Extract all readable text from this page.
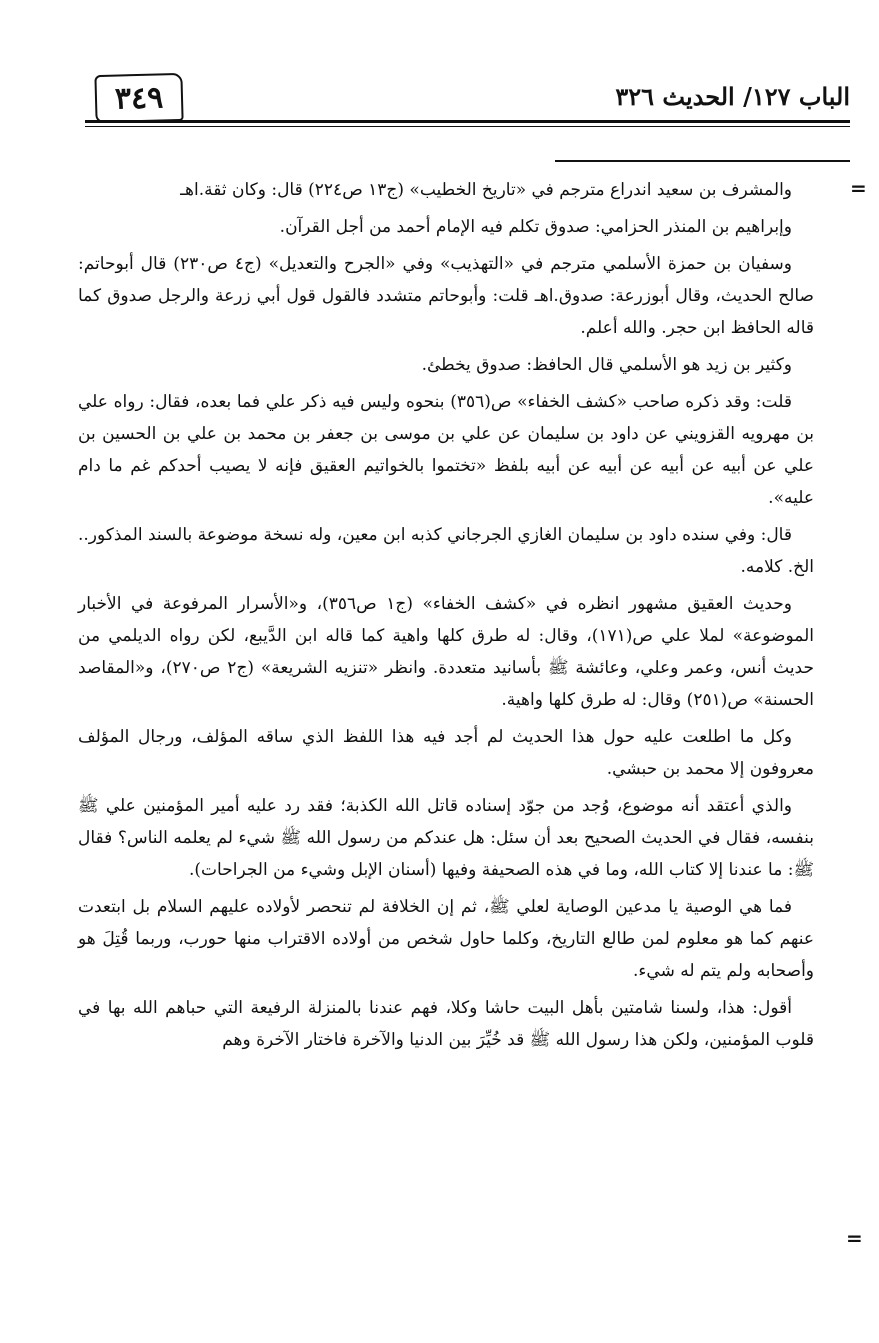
الباب ١٢٧/ الحديث ٣٢٦
٣٤٩
=

والمشرف بن سعيد اندراع مترجم في «تاريخ الخطيب» (ج١٣ ص٢٢٤) قال: وكان ثقة.اهـ

وإبراهيم بن المنذر الحزامي: صدوق تكلم فيه الإمام أحمد من أجل القرآن.

وسفيان بن حمزة الأسلمي مترجم في «التهذيب» وفي «الجرح والتعديل» (ج٤ ص٢٣٠) قال أبوحاتم: صالح الحديث، وقال أبوزرعة: صدوق.اهـ قلت: وأبوحاتم متشدد فالقول قول أبي زرعة والرجل صدوق كما قاله الحافظ ابن حجر. والله أعلم.

وكثير بن زيد هو الأسلمي قال الحافظ: صدوق يخطئ.

قلت: وقد ذكره صاحب «كشف الخفاء» ص(٣٥٦) بنحوه وليس فيه ذكر علي فما بعده، فقال: رواه علي بن مهرويه القزويني عن داود بن سليمان عن علي بن موسى بن جعفر بن محمد بن علي بن الحسين بن علي عن أبيه عن أبيه عن أبيه عن أبيه بلفظ «تختموا بالخواتيم العقيق فإنه لا يصيب أحدكم غم ما دام عليه».

قال: وفي سنده داود بن سليمان الغازي الجرجاني كذبه ابن معين، وله نسخة موضوعة بالسند المذكور.. الخ. كلامه.

وحديث العقيق مشهور انظره في «كشف الخفاء» (ج١ ص٣٥٦)، و«الأسرار المرفوعة في الأخبار الموضوعة» لملا علي ص(١٧١)، وقال: له طرق كلها واهية كما قاله ابن الدَّيبع، لكن رواه الديلمي من حديث أنس، وعمر وعلي، وعائشة ﷺ بأسانيد متعددة. وانظر «تنزيه الشريعة» (ج٢ ص٢٧٠)، و«المقاصد الحسنة» ص(٢٥١) وقال: له طرق كلها واهية.

وكل ما اطلعت عليه حول هذا الحديث لم أجد فيه هذا اللفظ الذي ساقه المؤلف، ورجال المؤلف معروفون إلا محمد بن حبشي.

والذي أعتقد أنه موضوع، وُجد من جوّد إسناده قاتل الله الكذبة؛ فقد رد عليه أمير المؤمنين علي ﷺ بنفسه، فقال في الحديث الصحيح بعد أن سئل: هل عندكم من رسول الله ﷺ شيء لم يعلمه الناس؟ فقال ﷺ: ما عندنا إلا كتاب الله، وما في هذه الصحيفة وفيها (أسنان الإبل وشيء من الجراحات).

فما هي الوصية يا مدعين الوصاية لعلي ﷺ، ثم إن الخلافة لم تنحصر لأولاده عليهم السلام بل ابتعدت عنهم كما هو معلوم لمن طالع التاريخ، وكلما حاول شخص من أولاده الاقتراب منها حورب، وربما قُتِلَ هو وأصحابه ولم يتم له شيء.

أقول: هذا، ولسنا شامتين بأهل البيت حاشا وكلا، فهم عندنا بالمنزلة الرفيعة التي حباهم الله بها في قلوب المؤمنين، ولكن هذا رسول الله ﷺ قد خُيِّرَ بين الدنيا والآخرة فاختار الآخرة وهم

=
